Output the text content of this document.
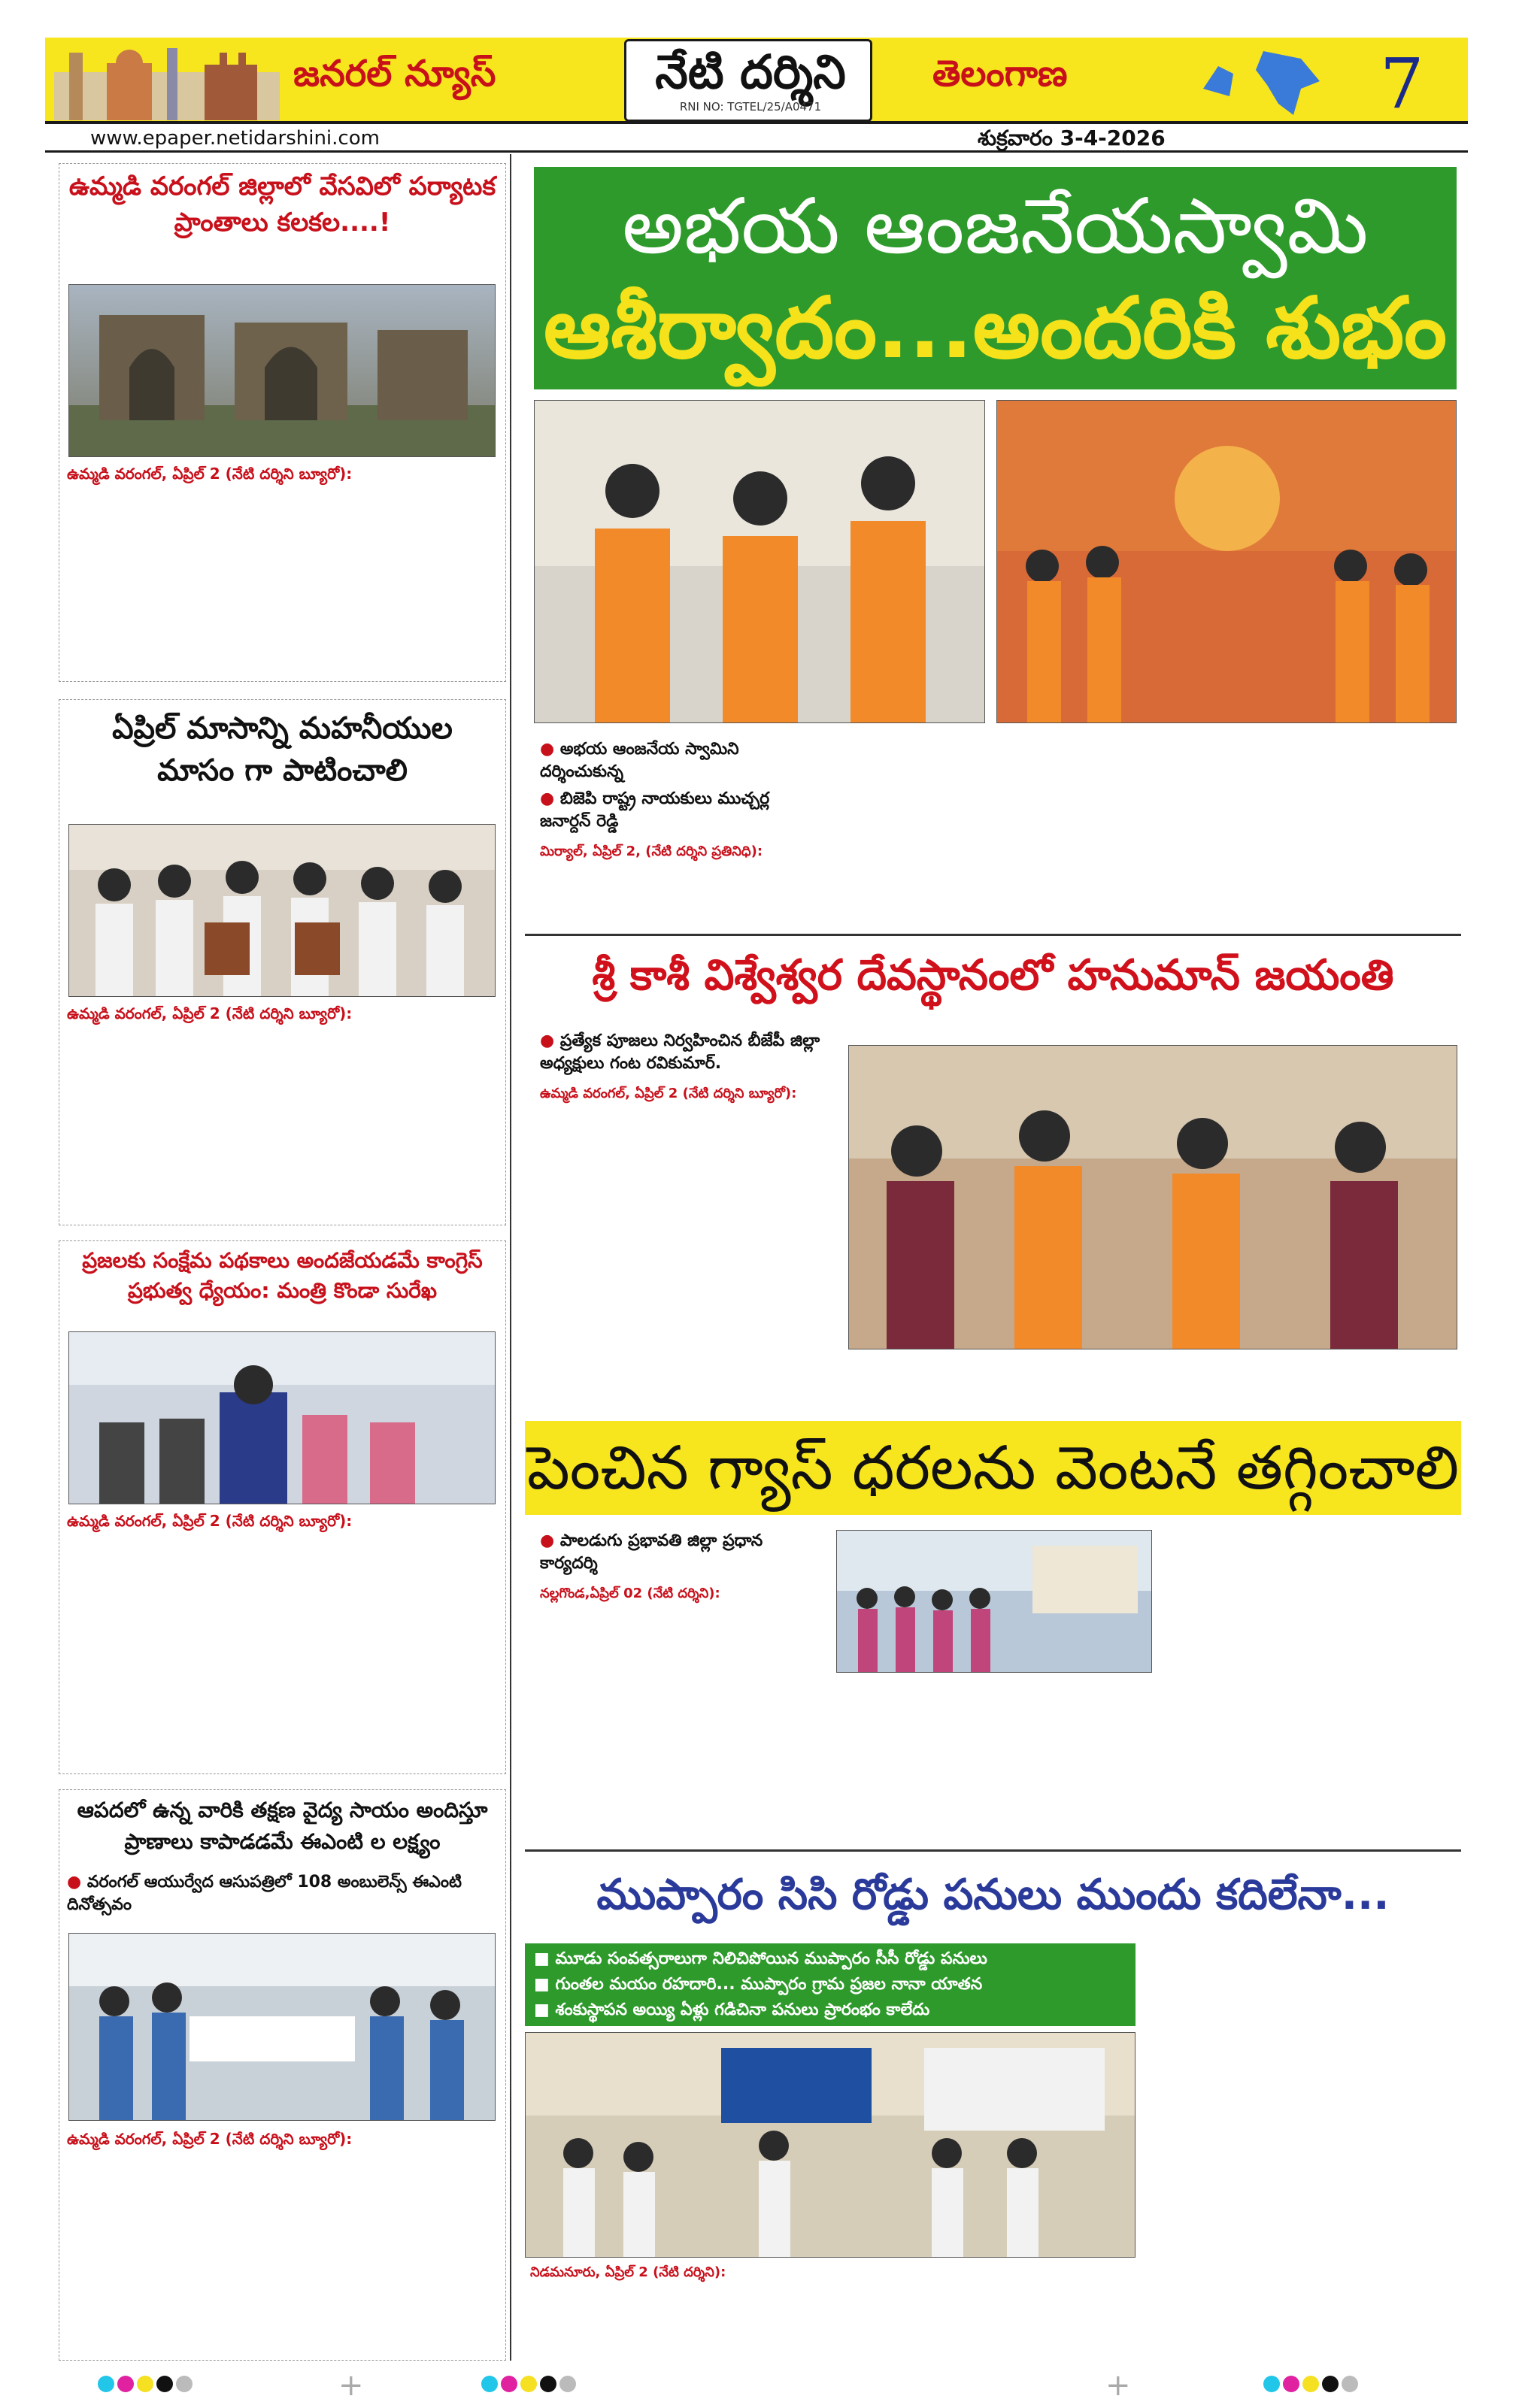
జనరల్ న్యూస్	నేటి దర్శిని
RNI NO: TGTEL/25/A0471
తెలంగాణ	7
www.epaper.netidarshini.com	శుక్రవారం 3-4-2026
ఉమ్మడి వరంగల్ జిల్లాలో వేసవిలో పర్యాటక ప్రాంతాలు కలకల....!
ఉమ్మడి వరంగల్, ఏప్రిల్ 2 (నేటి దర్శిని బ్యూరో):
ఏప్రిల్ మాసాన్ని మహనీయుల మాసం గా పాటించాలి
ఉమ్మడి వరంగల్, ఏప్రిల్ 2 (నేటి దర్శిని బ్యూరో):
ప్రజలకు సంక్షేమ పథకాలు అందజేయడమే కాంగ్రెస్ ప్రభుత్వ ధ్యేయం: మంత్రి కొండా సురేఖ
ఉమ్మడి వరంగల్, ఏప్రిల్ 2 (నేటి దర్శిని బ్యూరో):
ఆపదలో ఉన్న వారికి తక్షణ వైద్య సాయం అందిస్తూ ప్రాణాలు కాపాడడమే ఈఎంటి ల లక్ష్యం
● వరంగల్ ఆయుర్వేద ఆసుపత్రిలో 108 అంబులెన్స్ ఈఎంటి దినోత్సవం
ఉమ్మడి వరంగల్, ఏప్రిల్ 2 (నేటి దర్శిని బ్యూరో):
అభయ ఆంజనేయస్వామి
ఆశీర్వాదం...అందరికి శుభం
● అభయ ఆంజనేయ స్వామిని దర్శించుకున్న
● బిజెపి రాష్ట్ర నాయకులు ముచ్చర్ల జనార్దన్ రెడ్డి
మిర్యాల్, ఏప్రిల్ 2, (నేటి దర్శిని ప్రతినిధి):
శ్రీ కాశీ విశ్వేశ్వర దేవస్థానంలో హనుమాన్ జయంతి
● ప్రత్యేక పూజలు నిర్వహించిన బీజేపీ జిల్లా అధ్యక్షులు గంట రవికుమార్.
ఉమ్మడి వరంగల్, ఏప్రిల్ 2 (నేటి దర్శిని బ్యూరో):
పెంచిన గ్యాస్ ధరలను వెంటనే తగ్గించాలి
● పాలడుగు ప్రభావతి జిల్లా ప్రధాన కార్యదర్శి
నల్లగొండ,ఏప్రిల్ 02 (నేటి దర్శిని):
ముప్పారం సిసి రోడ్డు పనులు ముందు కదిలేనా...
■ మూడు సంవత్సరాలుగా నిలిచిపోయిన ముప్పారం సీసీ రోడ్డు పనులు
■ గుంతల మయం రహదారి... ముప్పారం గ్రామ ప్రజల నానా యాతన
■ శంకుస్థాపన అయ్యి ఏళ్లు గడిచినా పనులు ప్రారంభం కాలేదు
నిడమనూరు, ఏప్రిల్ 2 (నేటి దర్శిని):
+	+
